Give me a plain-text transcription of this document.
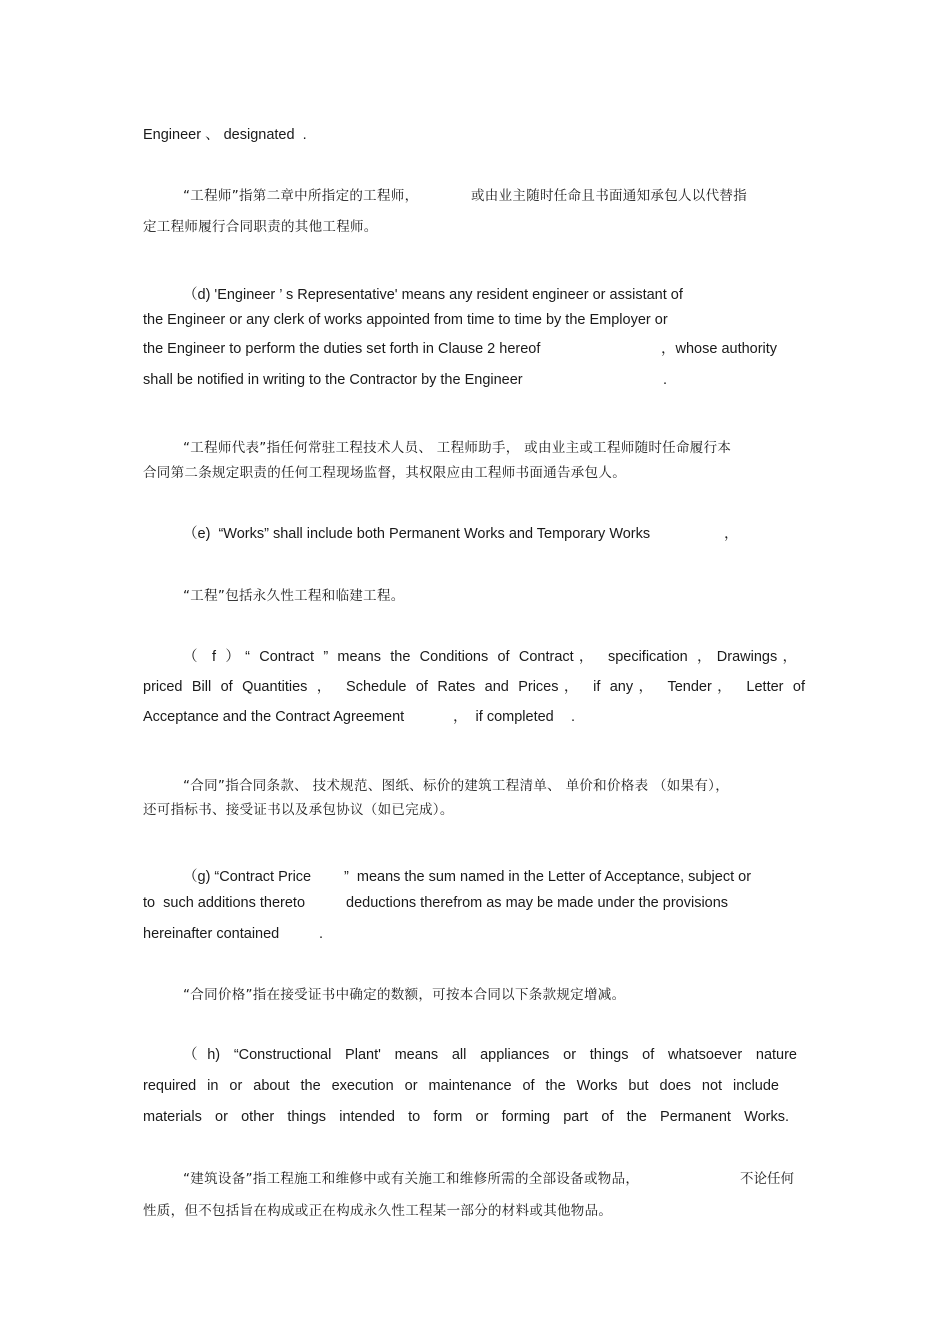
Engineer 、 designated  .
“工程师”指第二章中所指定的工程师，	或由业主随时任命且书面通知承包人以代替指
定工程师履行合同职责的其他工程师。
（d) 'Engineer ’ s Representative' means any resident engineer or assistant of
the Engineer or any clerk of works appointed from time to time by the Employer or
the Engineer to perform the duties set forth in Clause 2 hereof	，whose authority
shall be notified in writing to the Contractor by the Engineer	.
“工程师代表”指任何常驻工程技术人员、 工程师助手， 或由业主或工程师随时任命履行本
合同第二条规定职责的任何工程现场监督，其权限应由工程师书面通告承包人。
（e)  “Works” shall include both Permanent Works and Temporary Works	，
“工程”包括永久性工程和临建工程。
（ f ）“ Contract ” means the Conditions of Contract， specification ，Drawings，
priced Bill of Quantities ， Schedule of Rates and Prices， if any， Tender， Letter of
Acceptance and the Contract Agreement	，  if completed .
“合同”指合同条款、 技术规范、图纸、标价的建筑工程清单、 单价和价格表 （如果有），
还可指标书、接受证书以及承包协议（如已完成）。
（g) “Contract Price ”  means the sum named in the Letter of Acceptance, subject or
to  such additions thereto	deductions therefrom as may be made under the provisions
hereinafter contained	.
“合同价格”指在接受证书中确定的数额，可按本合同以下条款规定增减。
（h) “Constructional Plant' means all appliances or things of whatsoever nature
required in or about the execution or maintenance of the Works but does not include
materials or other things intended to form or forming part of the Permanent Works.
“建筑设备”指工程施工和维修中或有关施工和维修所需的全部设备或物品，	不论任何
性质，但不包括旨在构成或正在构成永久性工程某一部分的材料或其他物品。
